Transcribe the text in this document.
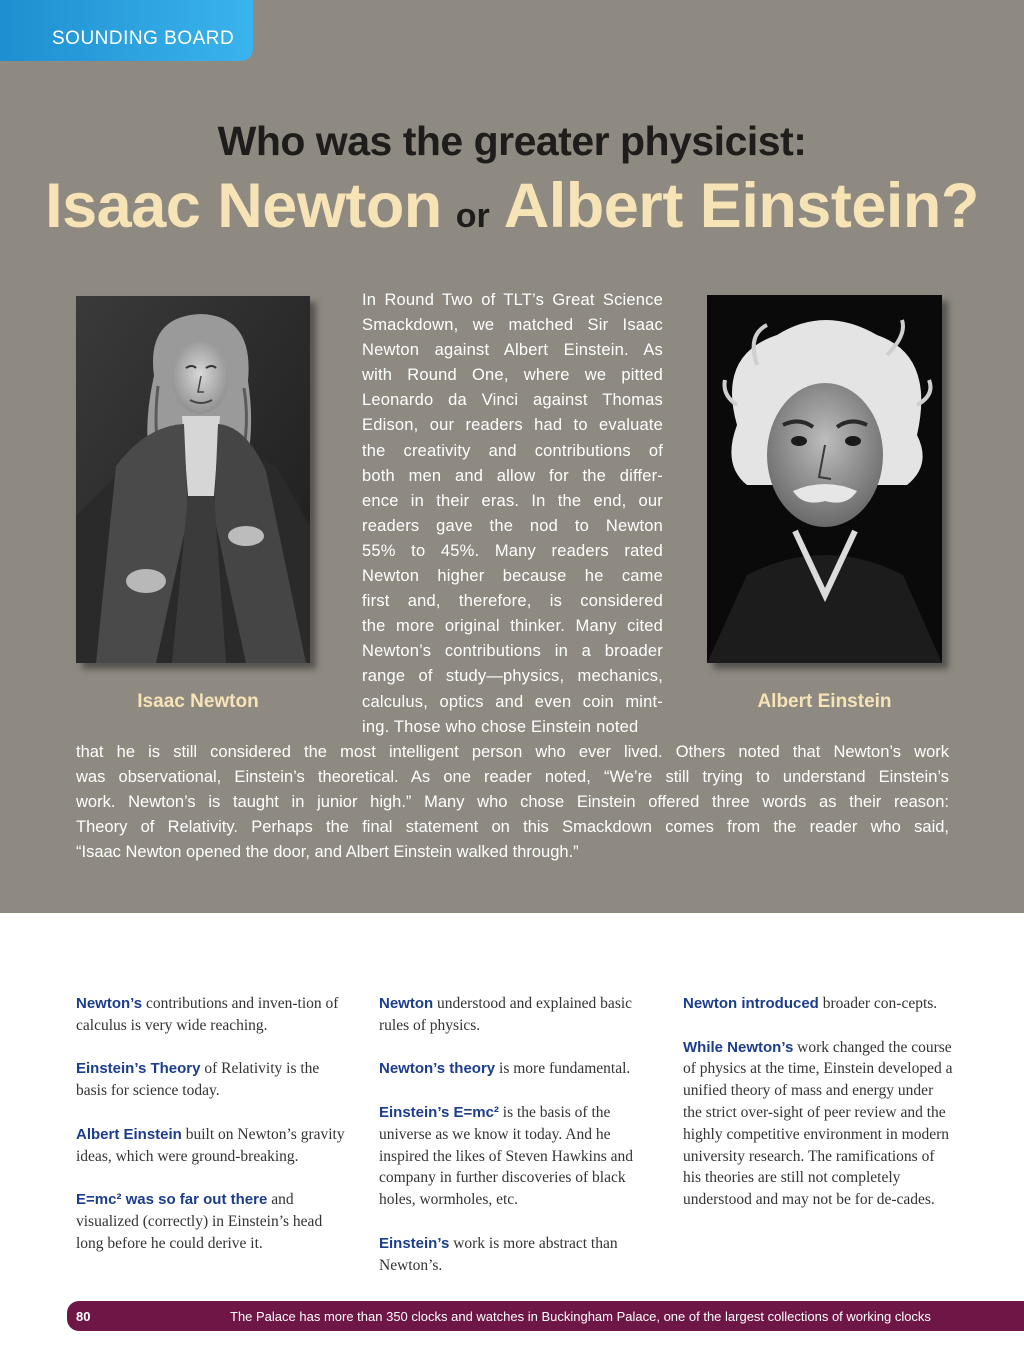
SOUNDING BOARD
Who was the greater physicist:
Isaac Newton or Albert Einstein?
Isaac Newton	Albert Einstein
In Round Two of TLT’s Great Science
Smackdown, we matched Sir Isaac
Newton against Albert Einstein. As
with Round One, where we pitted
Leonardo da Vinci against Thomas
Edison, our readers had to evaluate
the creativity and contributions of
both men and allow for the differ-
ence in their eras. In the end, our
readers gave the nod to Newton
55% to 45%. Many readers rated
Newton higher because he came
first and, therefore, is considered
the more original thinker. Many cited
Newton’s contributions in a broader
range of study—physics, mechanics,
calculus, optics and even coin mint-
ing. Those who chose Einstein noted
that he is still considered the most intelligent person who ever lived. Others noted that Newton’s work
was observational, Einstein’s theoretical. As one reader noted, “We’re still trying to understand Einstein’s
work. Newton’s is taught in junior high.” Many who chose Einstein offered three words as their reason:
Theory of Relativity. Perhaps the final statement on this Smackdown comes from the reader who said,
“Isaac Newton opened the door, and Albert Einstein walked through.”

Newton’s contributions and inven-tion of calculus is very wide reaching.

Einstein’s Theory of Relativity is the basis for science today.

Albert Einstein built on Newton’s gravity ideas, which were ground-breaking.

E=mc² was so far out there and visualized (correctly) in Einstein’s head long before he could derive it.

Newton understood and explained basic rules of physics.

Newton’s theory is more fundamental.

Einstein’s E=mc² is the basis of the universe as we know it today. And he inspired the likes of Steven Hawkins and company in further discoveries of black holes, wormholes, etc.

Einstein’s work is more abstract than Newton’s.

Newton introduced broader con-cepts.

While Newton’s work changed the course of physics at the time, Einstein developed a unified theory of mass and energy under the strict over-sight of peer review and the highly competitive environment in modern university research. The ramifications of his theories are still not completely understood and may not be for de-cades.

80	The Palace has more than 350 clocks and watches in Buckingham Palace, one of the largest collections of working clocks
